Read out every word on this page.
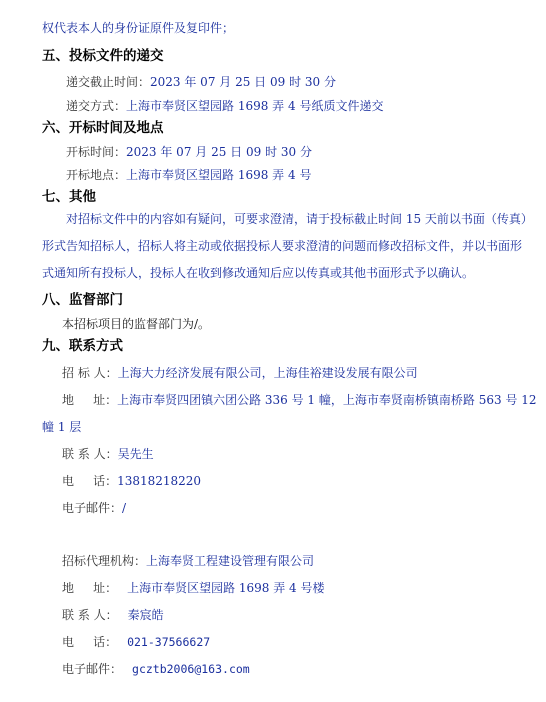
权代表本人的身份证原件及复印件；
五、投标文件的递交
递交截止时间：2023 年 07 月 25 日 09 时 30 分
递交方式：上海市奉贤区望园路 1698 弄 4 号纸质文件递交
六、开标时间及地点
开标时间：2023 年 07 月 25 日 09 时 30 分
开标地点：上海市奉贤区望园路 1698 弄 4 号
七、其他
对招标文件中的内容如有疑问，可要求澄清，请于投标截止时间 15 天前以书面（传真）
形式告知招标人，招标人将主动或依据投标人要求澄清的问题而修改招标文件，并以书面形
式通知所有投标人，投标人在收到修改通知后应以传真或其他书面形式予以确认。
八、监督部门
本招标项目的监督部门为/。
九、联系方式
招 标 人：上海大力经济发展有限公司，上海佳裕建设发展有限公司
地     址：上海市奉贤四团镇六团公路 336 号 1 幢，上海市奉贤南桥镇南桥路 563 号 12
幢 1 层
联 系 人：吴先生
电     话：13818218220
电子邮件：/
招标代理机构：上海奉贤工程建设管理有限公司
地     址： 上海市奉贤区望园路 1698 弄 4 号楼
联 系 人： 秦宸皓
电     话： 021-37566627
电子邮件： gcztb2006@163.com
